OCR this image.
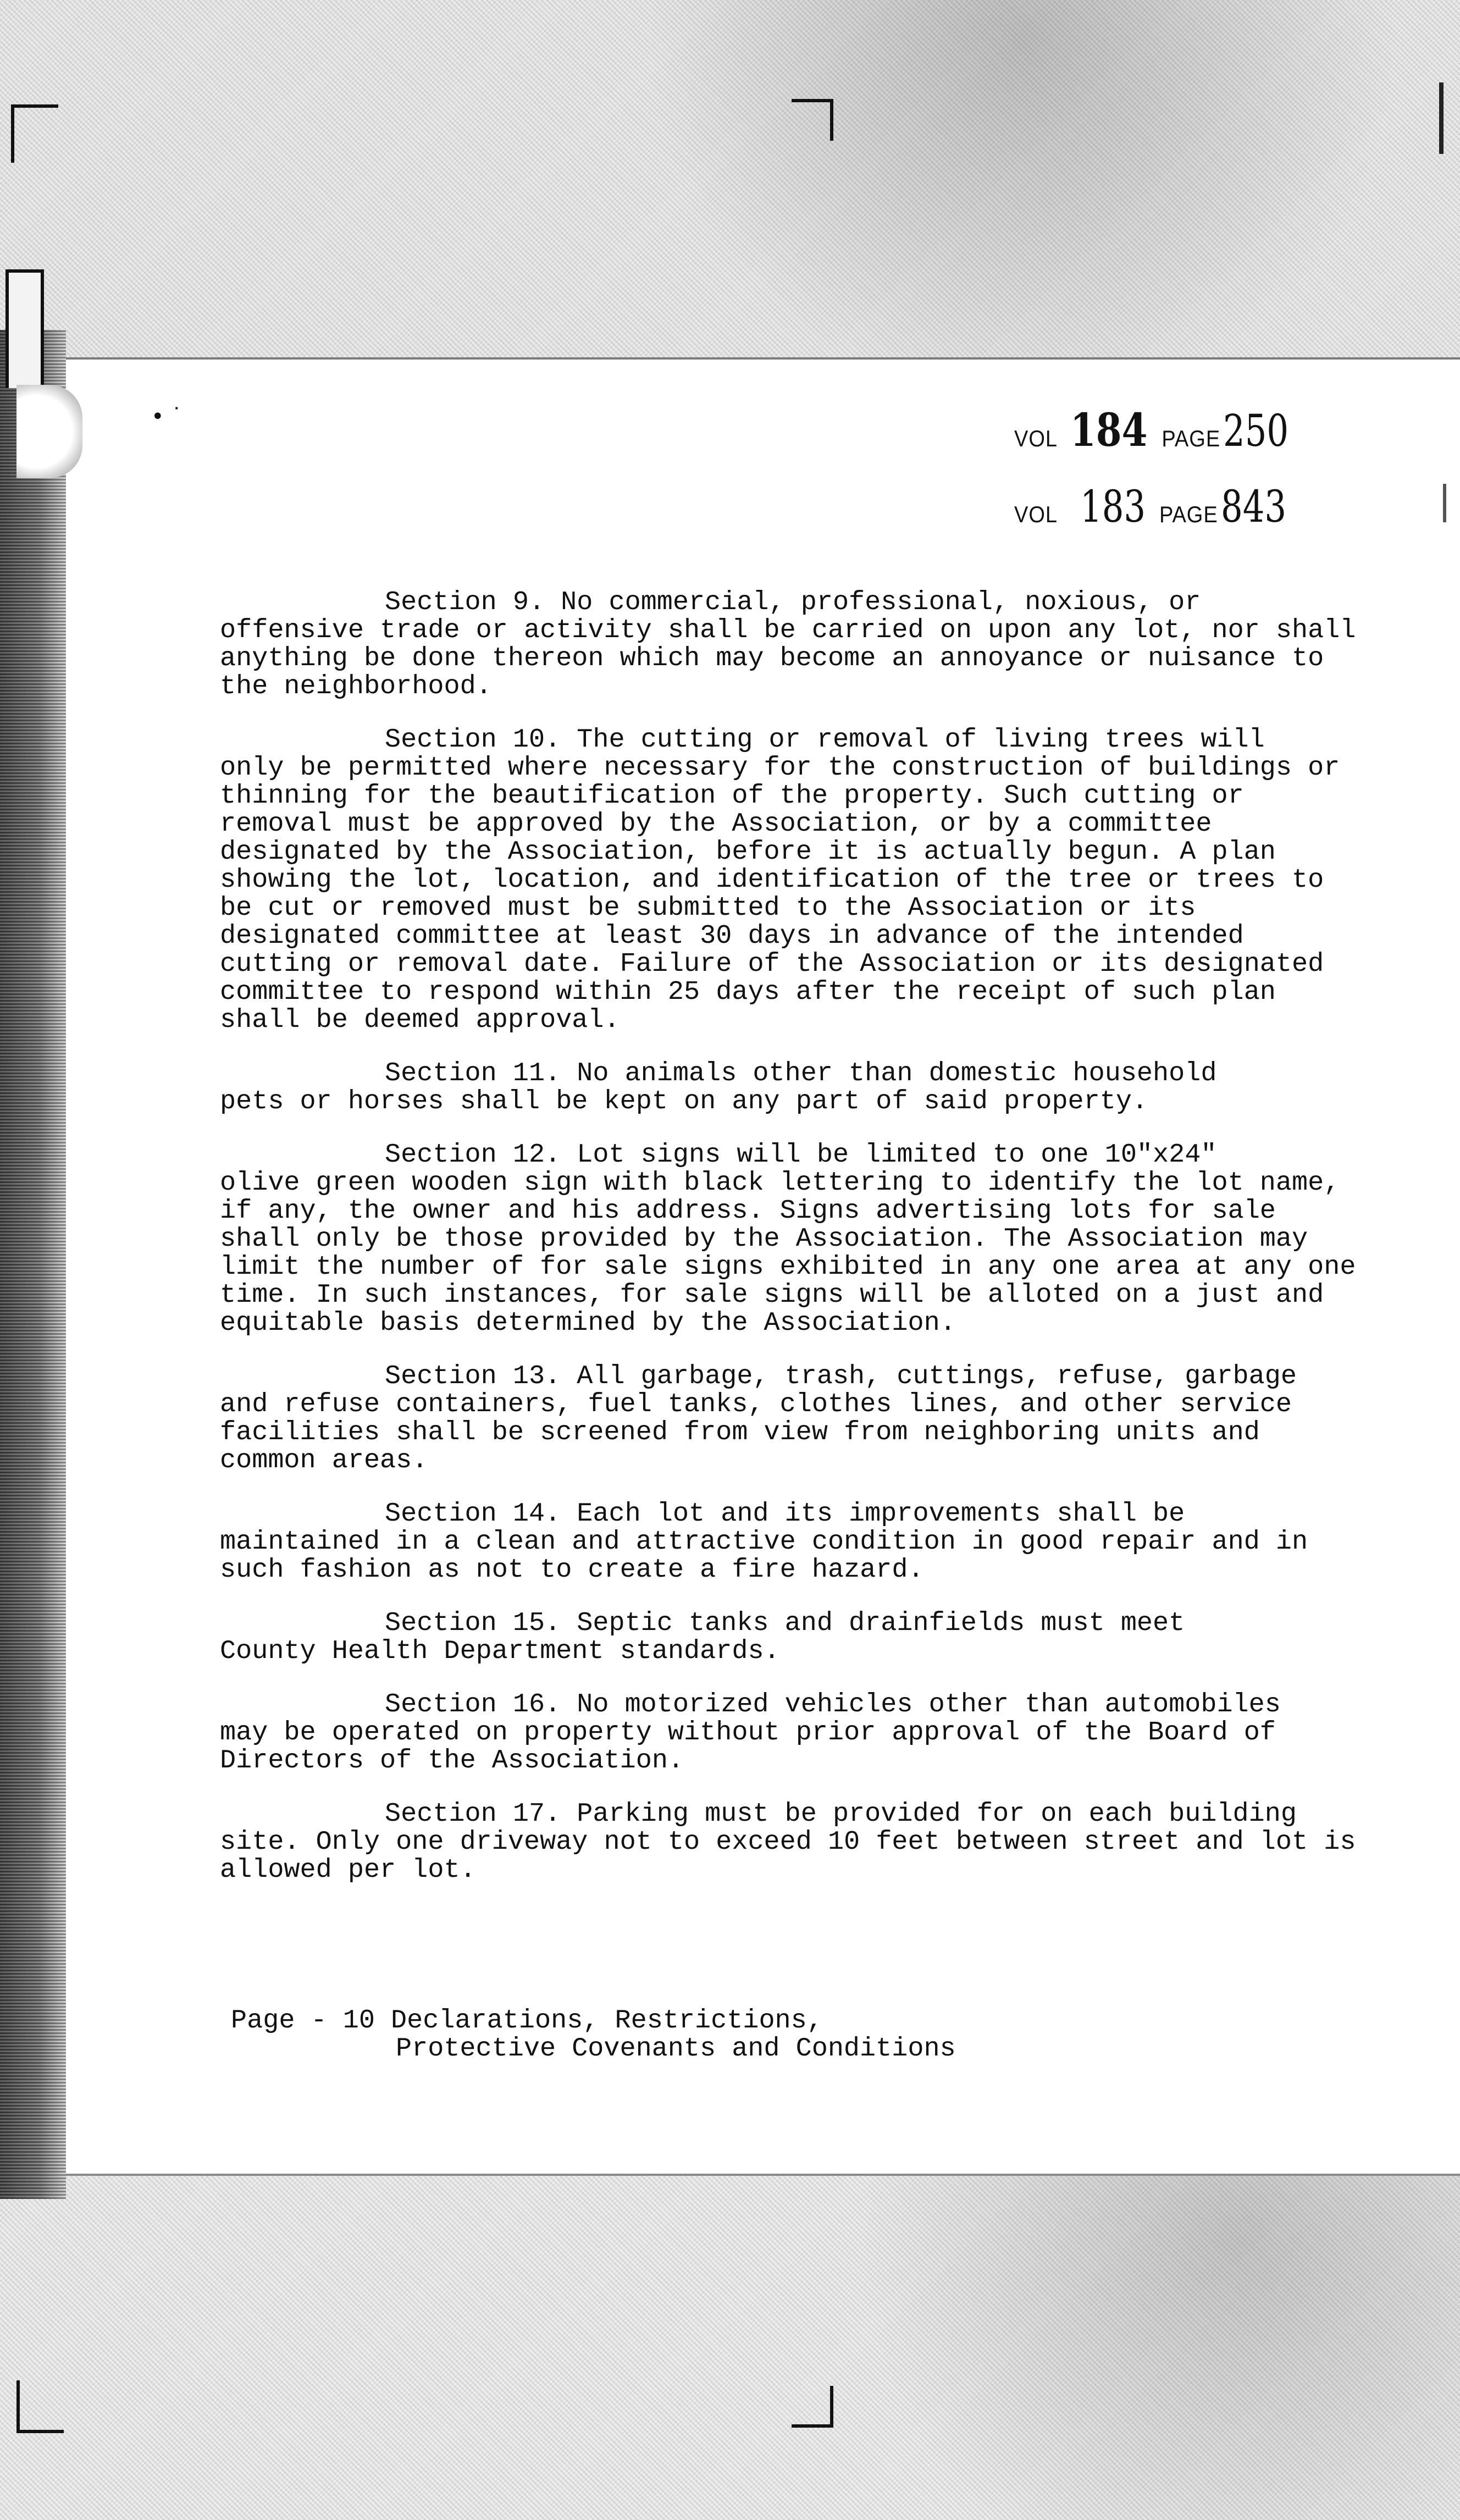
• ˙
VOL 184 PAGE 250
VOL 183 PAGE 843

Section 9. No commercial, professional, noxious, or
offensive trade or activity shall be carried on upon any lot, nor shall anything be done thereon which may become an annoyance or nuisance to the neighborhood.

Section 10. The cutting or removal of living trees will
only be permitted where necessary for the construction of buildings or thinning for the beautification of the property. Such cutting or removal must be approved by the Association, or by a committee designated by the Association, before it is actually begun. A plan showing the lot, location, and identification of the tree or trees to be cut or removed must be submitted to the Association or its designated committee at least 30 days in advance of the intended cutting or removal date. Failure of the Association or its designated committee to respond within 25 days after the receipt of such plan shall be deemed approval.

Section 11. No animals other than domestic household
pets or horses shall be kept on any part of said property.

Section 12. Lot signs will be limited to one 10"x24"
olive green wooden sign with black lettering to identify the lot name, if any, the owner and his address. Signs advertising lots for sale shall only be those provided by the Association. The Association may limit the number of for sale signs exhibited in any one area at any one time. In such instances, for sale signs will be alloted on a just and equitable basis determined by the Association.

Section 13. All garbage, trash, cuttings, refuse, garbage
and refuse containers, fuel tanks, clothes lines, and other service facilities shall be screened from view from neighboring units and common areas.

Section 14. Each lot and its improvements shall be
maintained in a clean and attractive condition in good repair and in such fashion as not to create a fire hazard.

Section 15. Septic tanks and drainfields must meet
County Health Department standards.

Section 16. No motorized vehicles other than automobiles
may be operated on property without prior approval of the Board of Directors of the Association.

Section 17. Parking must be provided for on each building
site. Only one driveway not to exceed 10 feet between street and lot is allowed per lot.

Page - 10 Declarations, Restrictions,
Protective Covenants and Conditions
